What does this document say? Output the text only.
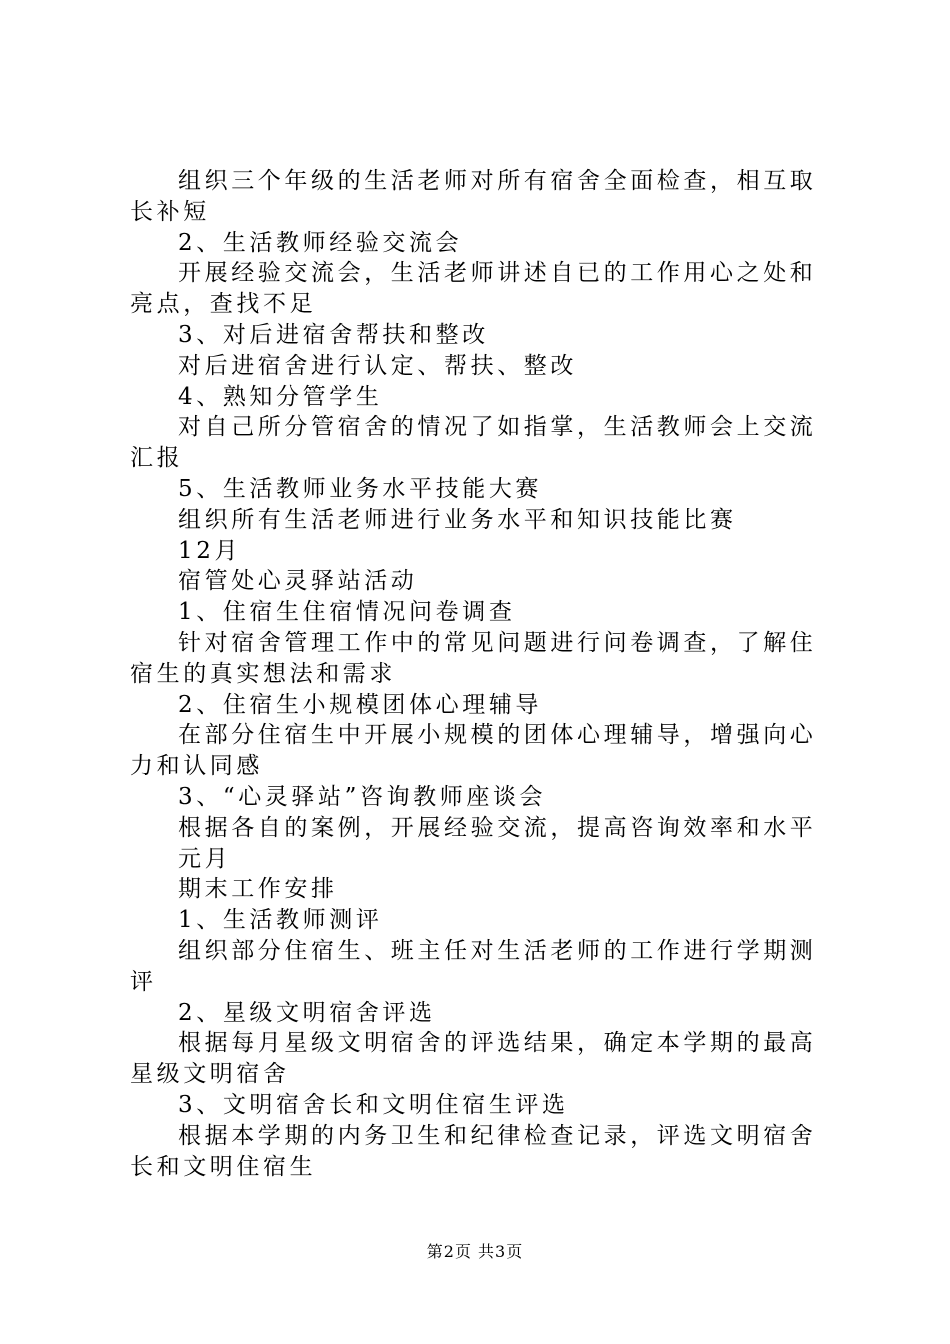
组织三个年级的生活老师对所有宿舍全面检查，相互取长补短

2、生活教师经验交流会

开展经验交流会，生活老师讲述自已的工作用心之处和亮点，查找不足

3、对后进宿舍帮扶和整改

对后进宿舍进行认定、帮扶、整改

4、熟知分管学生

对自己所分管宿舍的情况了如指掌，生活教师会上交流汇报

5、生活教师业务水平技能大赛

组织所有生活老师进行业务水平和知识技能比赛

12月

宿管处心灵驿站活动

1、住宿生住宿情况问卷调查

针对宿舍管理工作中的常见问题进行问卷调查，了解住宿生的真实想法和需求

2、住宿生小规模团体心理辅导

在部分住宿生中开展小规模的团体心理辅导，增强向心力和认同感

3、“心灵驿站”咨询教师座谈会

根据各自的案例，开展经验交流，提高咨询效率和水平

元月

期末工作安排

1、生活教师测评

组织部分住宿生、班主任对生活老师的工作进行学期测评

2、星级文明宿舍评选

根据每月星级文明宿舍的评选结果，确定本学期的最高星级文明宿舍

3、文明宿舍长和文明住宿生评选

根据本学期的内务卫生和纪律检查记录，评选文明宿舍长和文明住宿生

第2页 共3页
